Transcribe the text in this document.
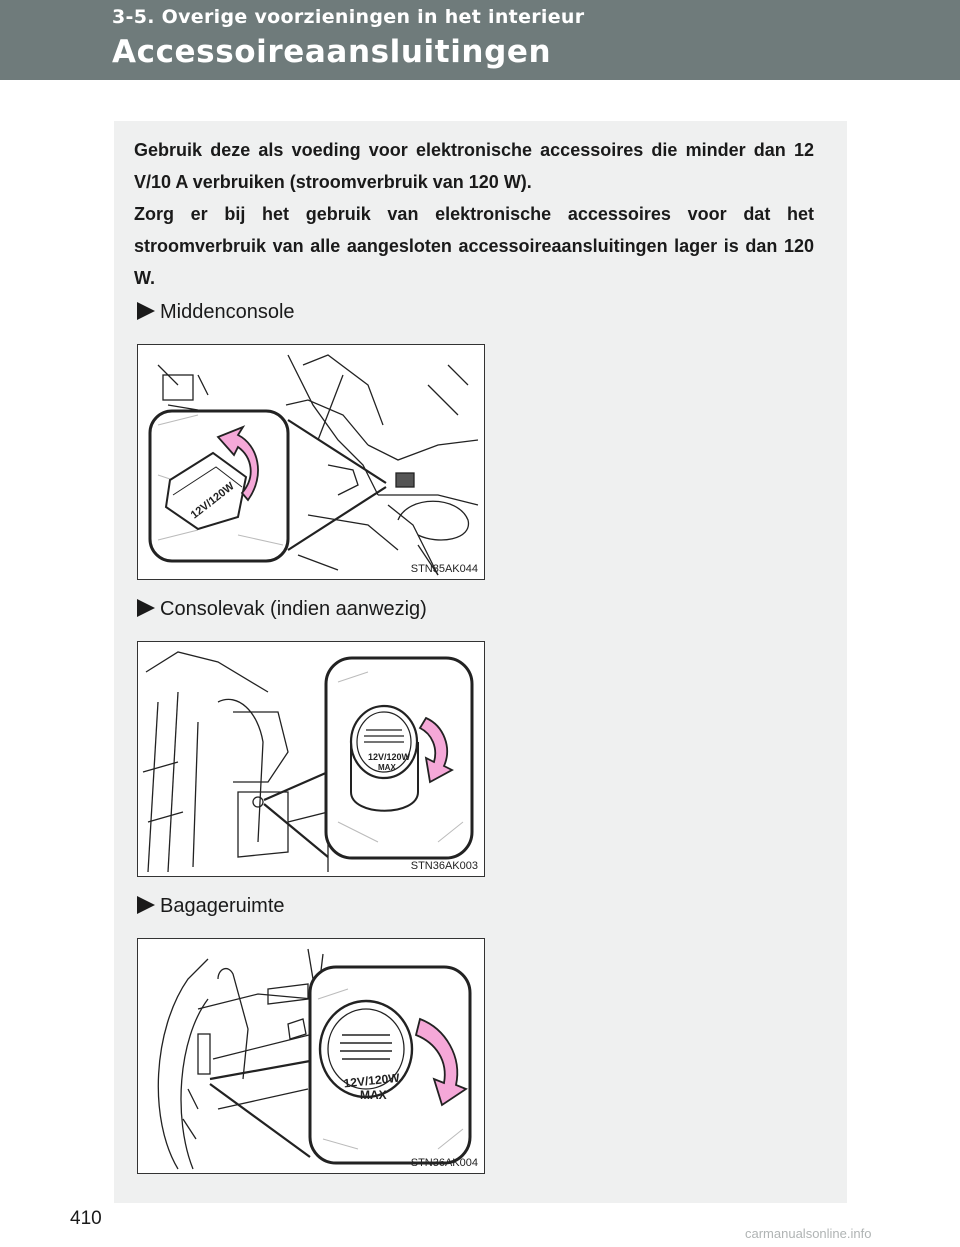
3-5. Overige voorzieningen in het interieur
Accessoireaansluitingen

Gebruik deze als voeding voor elektronische accessoires die minder dan 12 V/10 A verbruiken (stroomverbruik van 120 W).

Zorg er bij het gebruik van elektronische accessoires voor dat het stroomverbruik van alle aangesloten accessoireaansluitingen lager is dan 120 W.

Middenconsole
12V/120W
STN35AK044
Consolevak (indien aanwezig)
12V/120W
MAX
STN36AK003
Bagageruimte
12V/120W
MAX
STN36AK004
410
carmanualsonline.info
